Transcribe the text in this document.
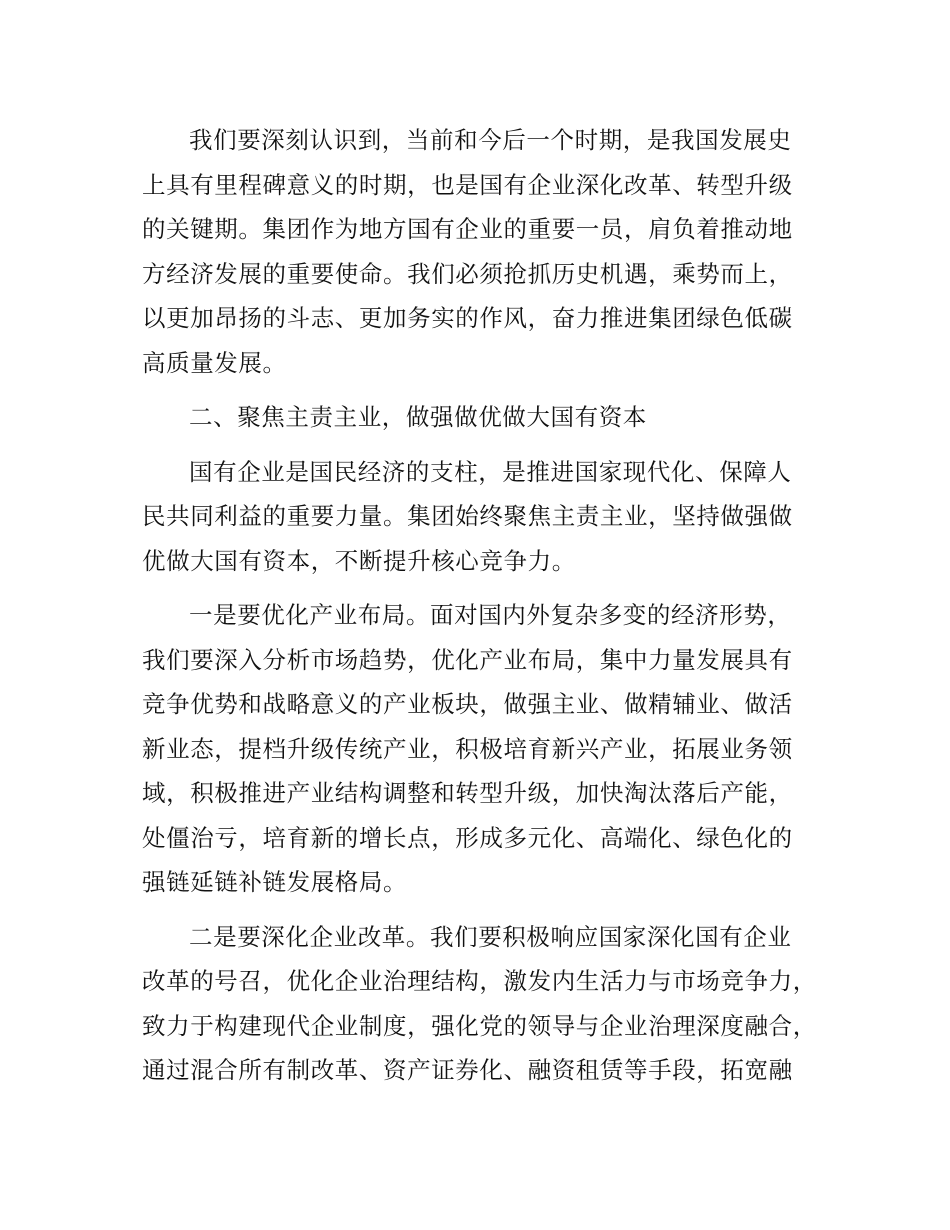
我们要深刻认识到，当前和今后一个时期，是我国发展史
上具有里程碑意义的时期，也是国有企业深化改革、转型升级
的关键期。集团作为地方国有企业的重要一员，肩负着推动地
方经济发展的重要使命。我们必须抢抓历史机遇，乘势而上，
以更加昂扬的斗志、更加务实的作风，奋力推进集团绿色低碳
高质量发展。
二、聚焦主责主业，做强做优做大国有资本
国有企业是国民经济的支柱，是推进国家现代化、保障人
民共同利益的重要力量。集团始终聚焦主责主业，坚持做强做
优做大国有资本，不断提升核心竞争力。
一是要优化产业布局。面对国内外复杂多变的经济形势，
我们要深入分析市场趋势，优化产业布局，集中力量发展具有
竞争优势和战略意义的产业板块，做强主业、做精辅业、做活
新业态，提档升级传统产业，积极培育新兴产业，拓展业务领
域，积极推进产业结构调整和转型升级，加快淘汰落后产能，
处僵治亏，培育新的增长点，形成多元化、高端化、绿色化的
强链延链补链发展格局。
二是要深化企业改革。我们要积极响应国家深化国有企业
改革的号召，优化企业治理结构，激发内生活力与市场竞争力，
致力于构建现代企业制度，强化党的领导与企业治理深度融合，
通过混合所有制改革、资产证券化、融资租赁等手段，拓宽融
